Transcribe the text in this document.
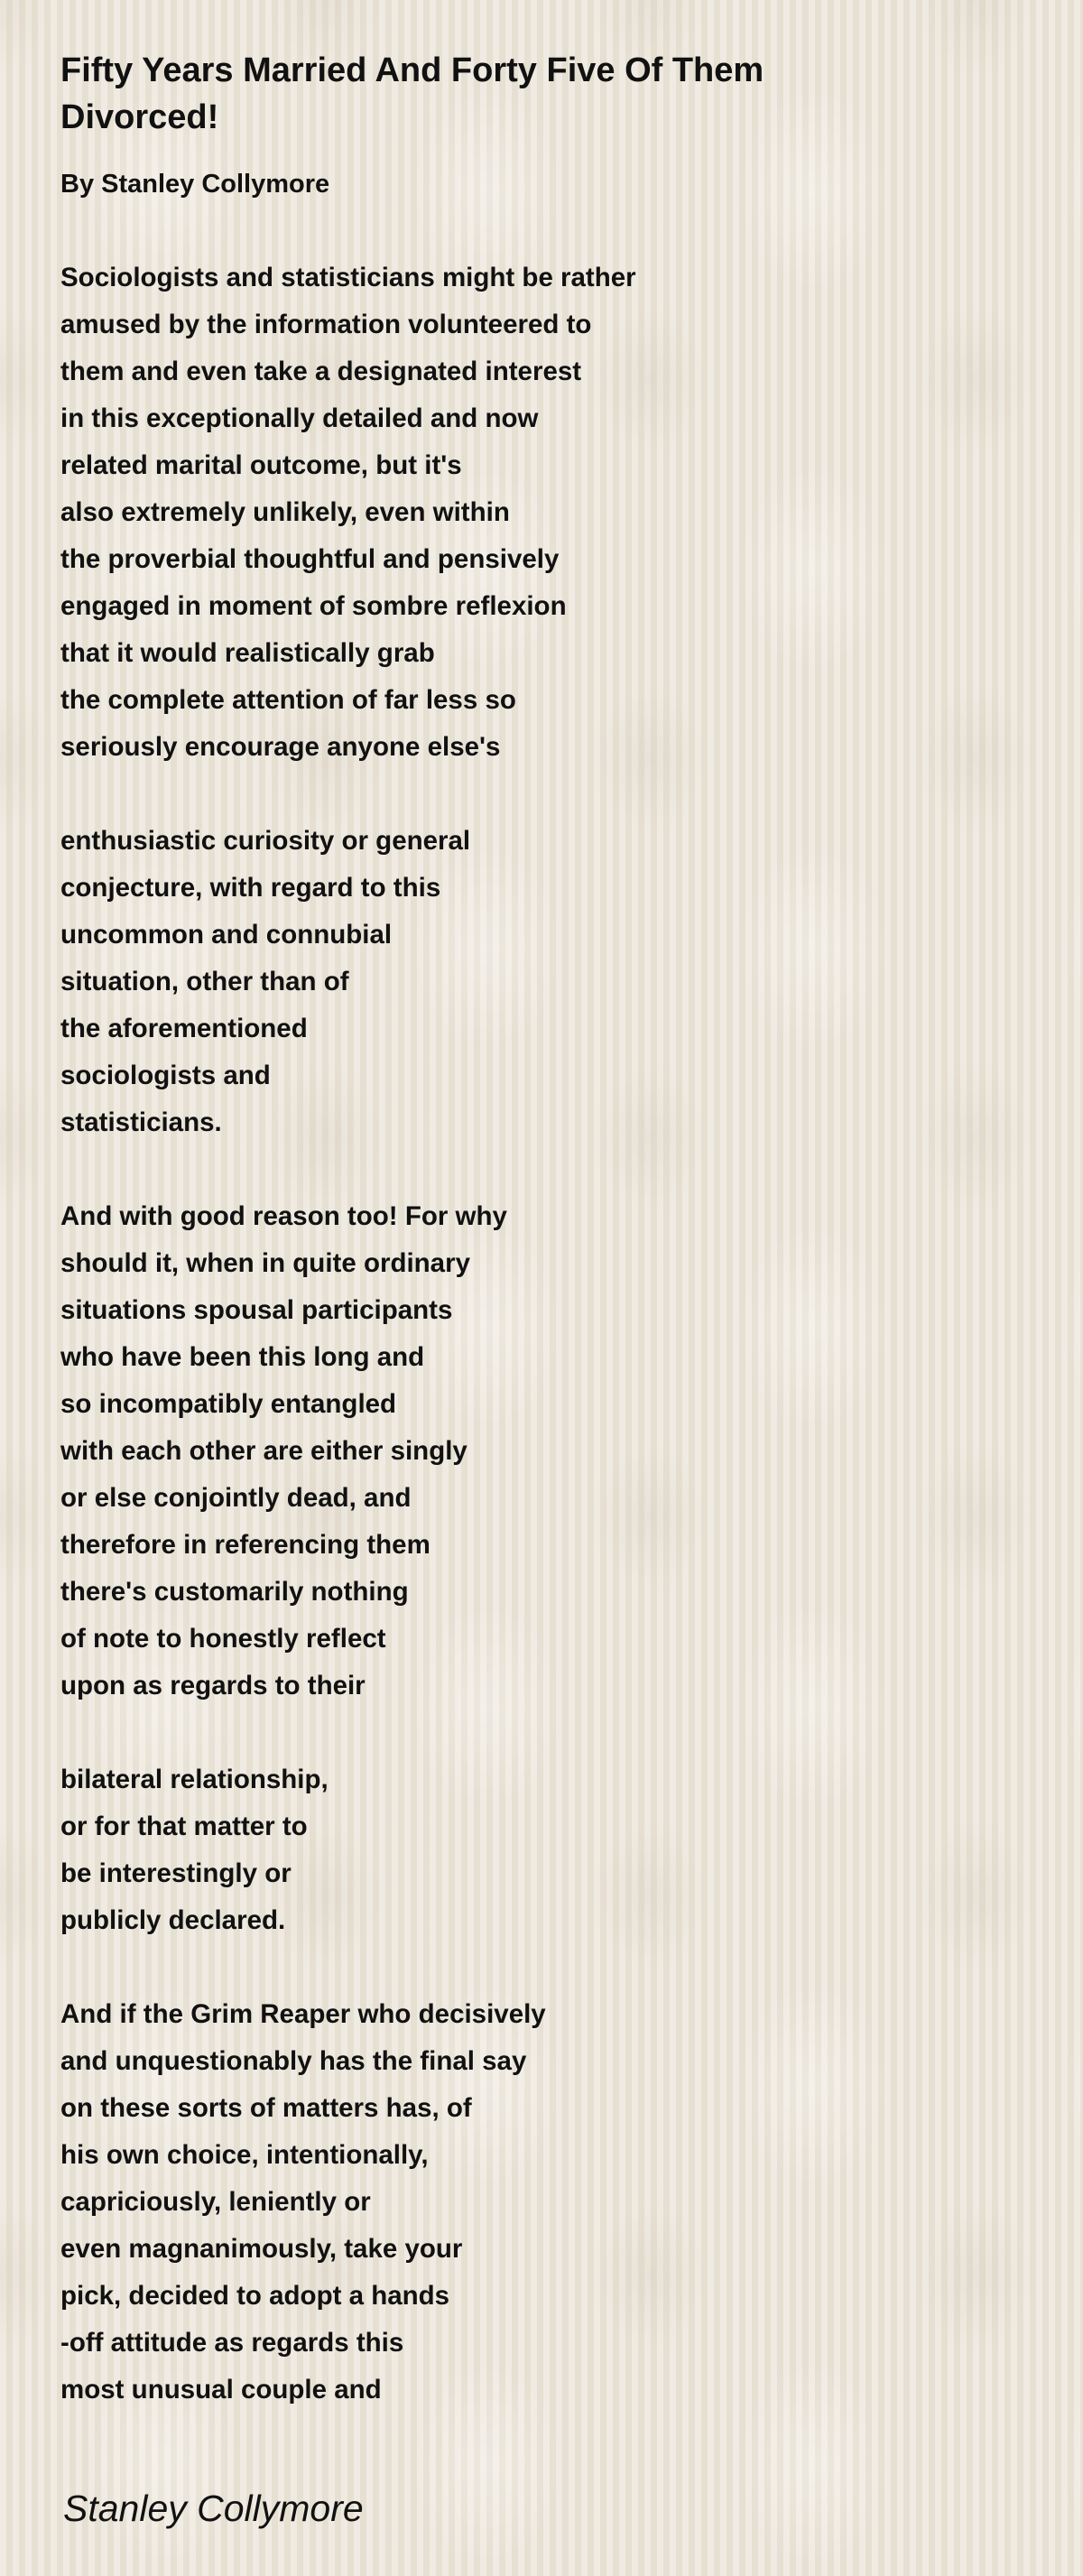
Fifty Years Married And Forty Five Of Them Divorced!

By Stanley Collymore

Sociologists and statisticians might be rather
amused by the information volunteered to
them and even take a designated interest
in this exceptionally detailed and now
related marital outcome, but it's
also extremely unlikely, even within
the proverbial thoughtful and pensively
engaged in moment of sombre reflexion
that it would realistically grab
the complete attention of far less so
seriously encourage anyone else's
enthusiastic curiosity or general
conjecture, with regard to this
uncommon and connubial
situation, other than of
the aforementioned
sociologists and
statisticians.
And with good reason too! For why
should it, when in quite ordinary
situations spousal participants
who have been this long and
so incompatibly entangled
with each other are either singly
or else conjointly dead, and
therefore in referencing them
there's customarily nothing
of note to honestly reflect
upon as regards to their
bilateral relationship,
or for that matter to
be interestingly or
publicly declared.
And if the Grim Reaper who decisively
and unquestionably has the final say
on these sorts of matters has, of
his own choice, intentionally,
capriciously, leniently or
even magnanimously, take your
pick, decided to adopt a hands
-off attitude as regards this
most unusual couple and
Stanley Collymore
